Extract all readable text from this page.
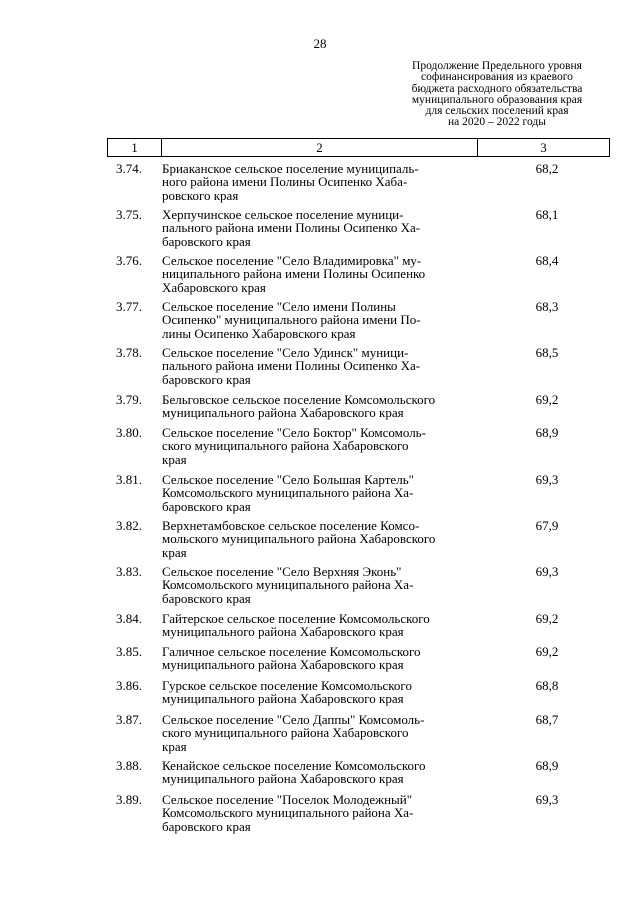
28
Продолжение Предельного уровня
софинансирования из краевого
бюджета расходного обязательства
муниципального образования края
для сельских поселений края
на 2020 – 2022 годы
1	2	3
3.74.	Бриаканское сельское поселение муниципаль-
ного района имени Полины Осипенко Хаба-
ровского края
68,2
3.75.	Херпучинское сельское поселение муници-
пального района имени Полины Осипенко Ха-
баровского края
68,1
3.76.	Сельское поселение "Село Владимировка" му-
ниципального района имени Полины Осипенко
Хабаровского края
68,4
3.77.	Сельское поселение "Село имени Полины
Осипенко" муниципального района имени По-
лины Осипенко Хабаровского края
68,3
3.78.	Сельское поселение "Село Удинск" муници-
пального района имени Полины Осипенко Ха-
баровского края
68,5
3.79.	Бельговское сельское поселение Комсомольского
муниципального района Хабаровского края
69,2
3.80.	Сельское поселение "Село Боктор" Комсомоль-
ского муниципального района Хабаровского
края
68,9
3.81.	Сельское поселение "Село Большая Картель"
Комсомольского муниципального района Ха-
баровского края
69,3
3.82.	Верхнетамбовское сельское поселение Комсо-
мольского муниципального района Хабаровского
края
67,9
3.83.	Сельское поселение "Село Верхняя Эконь"
Комсомольского муниципального района Ха-
баровского края
69,3
3.84.	Гайтерское сельское поселение Комсомольского
муниципального района Хабаровского края
69,2
3.85.	Галичное сельское поселение Комсомольского
муниципального района Хабаровского края
69,2
3.86.	Гурское сельское поселение Комсомольского
муниципального района Хабаровского края
68,8
3.87.	Сельское поселение "Село Даппы" Комсомоль-
ского муниципального района Хабаровского
края
68,7
3.88.	Кенайское сельское поселение Комсомольского
муниципального района Хабаровского края
68,9
3.89.	Сельское поселение "Поселок Молодежный"
Комсомольского муниципального района Ха-
баровского края
69,3
